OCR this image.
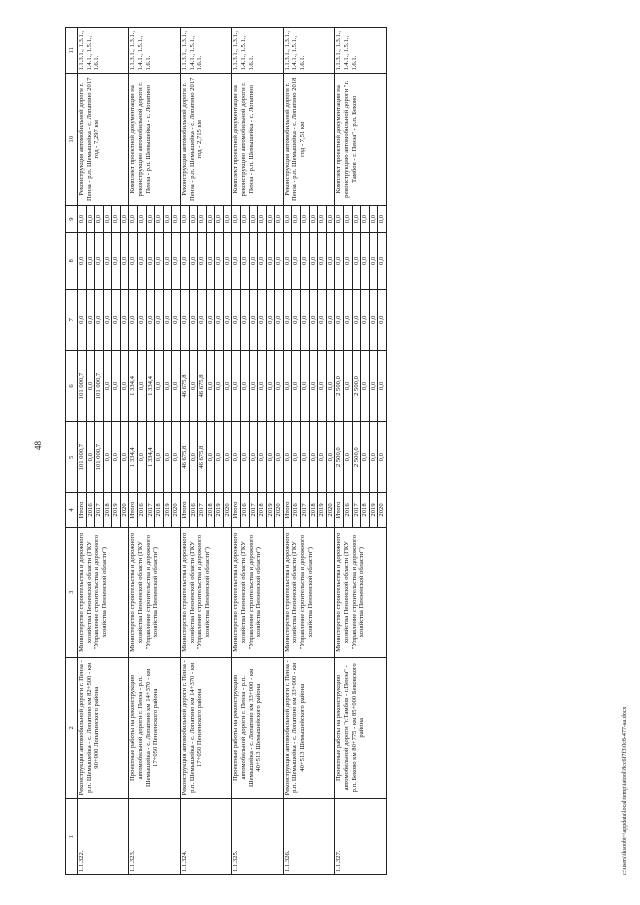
48
1	2	3	4	5	6	7	8	9	10	11
1.1.322.	Реконструкция автомобильной дороги г. Пенза - р.п. Шемышейка - с. Лопатино км 82+500 - км 90+000 Лопатинского района	Министерство строительства и дорожного хозяйства Пензенской области (ГКУ "Управление строительства и дорожного хозяйства Пензенской области")	Итого	101 000,7	101 000,7	0,0	0,0	0,0	Реконструкция автомобильной дороги г. Пенза - р.п. Шемышейка - с. Лопатино 2017 год - 7,297 км	1.1.3.1., 1.3.1., 1.4.1., 1.5.1., 1.6.1.
			2016	0,0	0,0	0,0	0,0	0,0		
			2017	101 000,7	101 000,7	0,0	0,0	0,0		
			2018	0,0	0,0	0,0	0,0	0,0		
			2019	0,0	0,0	0,0	0,0	0,0		
			2020	0,0	0,0	0,0	0,0	0,0		
1.1.323.	Проектные работы на реконструкцию автомобильной дороги г. Пенза - р.п. Шемышейка - с. Лопатино км 14+370 - км 17+050 Пензенского района	Министерство строительства и дорожного хозяйства Пензенской области (ГКУ "Управление строительства и дорожного хозяйства Пензенской области")	Итого	1 334,4	1 334,4	0,0	0,0	0,0	Комплект проектной документации на реконструкцию автомобильной дороги г. Пенза - р.п. Шемышейка - с. Лопатино	1.1.3.1., 1.3.1., 1.4.1., 1.5.1., 1.6.1.
			2016	0,0	0,0	0,0	0,0	0,0		
			2017	1 334,4	1 334,4	0,0	0,0	0,0		
			2018	0,0	0,0	0,0	0,0	0,0		
			2019	0,0	0,0	0,0	0,0	0,0		
			2020	0,0	0,0	0,0	0,0	0,0		
1.1.324.	Реконструкция автомобильной дороги г. Пенза - р.п. Шемышейка - с. Лопатино км 14+370 - км 17+050 Пензенского района	Министерство строительства и дорожного хозяйства Пензенской области (ГКУ "Управление строительства и дорожного хозяйства Пензенской области")	Итого	46 675,8	46 675,8	0,0	0,0	0,0	Реконструкция автомобильной дороги г. Пенза - р.п. Шемышейка - с. Лопатино 2017 год - 2,715 км	1.1.3.1., 1.3.1., 1.4.1., 1.5.1., 1.6.1.
			2016	0,0	0,0	0,0	0,0	0,0		
			2017	46 675,8	46 675,8	0,0	0,0	0,0		
			2018	0,0	0,0	0,0	0,0	0,0		
			2019	0,0	0,0	0,0	0,0	0,0		
			2020	0,0	0,0	0,0	0,0	0,0		
1.1.325.	Проектные работы на реконструкцию автомобильной дороги г. Пенза - р.п. Шемышейка - с. Лопатино км 33+000 - км 40+513 Шемышейского района	Министерство строительства и дорожного хозяйства Пензенской области (ГКУ "Управление строительства и дорожного хозяйства Пензенской области")	Итого	0,0	0,0	0,0	0,0	0,0	Комплект проектной документации на реконструкцию автомобильной дороги г. Пенза - р.п. Шемышейка - с. Лопатино	1.1.3.1., 1.3.1., 1.4.1., 1.5.1., 1.6.1.
			2016	0,0	0,0	0,0	0,0	0,0		
			2017	0,0	0,0	0,0	0,0	0,0		
			2018	0,0	0,0	0,0	0,0	0,0		
			2019	0,0	0,0	0,0	0,0	0,0		
			2020	0,0	0,0	0,0	0,0	0,0		
1.1.326.	Реконструкция автомобильной дороги г. Пенза - р.п. Шемышейка - с. Лопатино км 33+000 - км 40+513 Шемышейского района	Министерство строительства и дорожного хозяйства Пензенской области (ГКУ "Управление строительства и дорожного хозяйства Пензенской области")	Итого	0,0	0,0	0,0	0,0	0,0	Реконструкция автомобильной дороги г. Пенза - р.п. Шемышейка - с. Лопатино 2018 год - 7,51 км	1.1.3.1., 1.3.1., 1.4.1., 1.5.1., 1.6.1.
			2016	0,0	0,0	0,0	0,0	0,0		
			2017	0,0	0,0	0,0	0,0	0,0		
			2018	0,0	0,0	0,0	0,0	0,0		
			2019	0,0	0,0	0,0	0,0	0,0		
			2020	0,0	0,0	0,0	0,0	0,0		
1.1.327.	Проектные работы на реконструкцию автомобильной дороги "г.Тамбов - г.Пенза" - р.п. Беково км 80+775 - км 85+000 Бековского района	Министерство строительства и дорожного хозяйства Пензенской области (ГКУ "Управление строительства и дорожного хозяйства Пензенской области")	Итого	2 500,0	2 500,0	0,0	0,0	0,0	Комплект проектной документации на реконструкцию автомобильной дороги "г. Тамбов - г. Пенза" - р.п. Беково	1.1.3.1., 1.3.1., 1.4.1., 1.5.1., 1.6.1.
			2016	0,0	0,0	0,0	0,0	0,0		
			2017	2 500,0	2 500,0	0,0	0,0	0,0		
			2018	0,0	0,0	0,0	0,0	0,0		
			2019	0,0	0,0	0,0	0,0	0,0		
			2020	0,0	0,0	0,0	0,0	0,0		
c:\users\iksoobi~\appdata\local\temp\iatool\8cc6f7f3\0c8-477-aa.docx
